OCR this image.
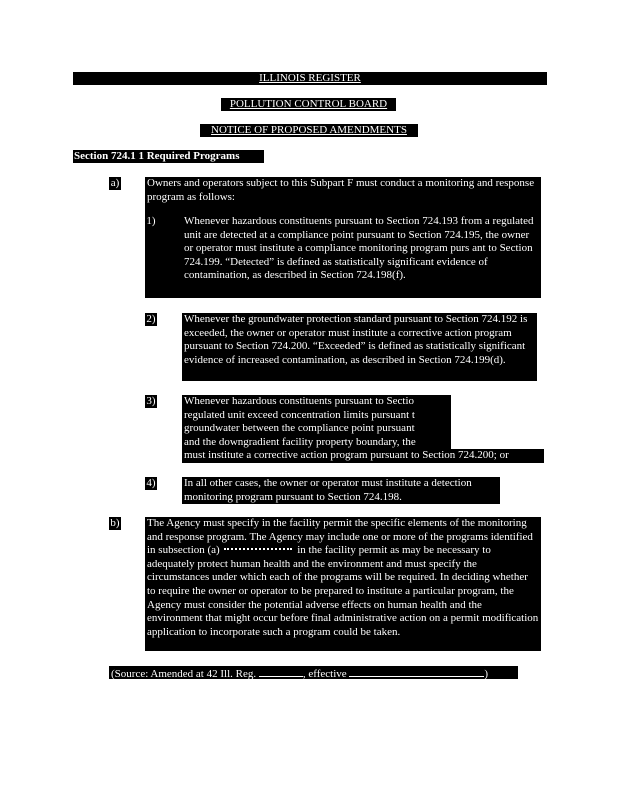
ILLINOIS REGISTER
POLLUTION CONTROL BOARD
NOTICE OF PROPOSED AMENDMENTS
Section 724.1 1 Required Programs
a)	Owners and operators subject to this Subpart F must conduct a monitoring and response program as follows:
1)	Whenever hazardous constituents pursuant to Section 724.193 from a regulated unit are detected at a compliance point pursuant to Section 724.195, the owner or operator must institute a compliance monitoring program purs ant to Section 724.199. “Detected” is defined as statistically significant evidence of contamination, as described in Section 724.198(f).
2)	Whenever the groundwater protection standard pursuant to Section 724.192 is exceeded, the owner or operator must institute a corrective action program pursuant to Section 724.200. “Exceeded” is defined as statistically significant evidence of increased contamination, as described in Section 724.199(d).
3)	Whenever hazardous constituents pursuant to Sectio
regulated unit exceed concentration limits pursuant t
groundwater between the compliance point pursuant
and the downgradient facility property boundary, the
must institute a corrective action program pursuant to Section 724.200; or
4)	In all other cases, the owner or operator must institute a detection monitoring program pursuant to Section 724.198.
b) The Agency must specify in the facility permit the specific elements of the monitoring and response program. The Agency may include one or more of the programs identified in subsection (a)	in the facility permit as may be necessary to adequately protect human health and the environment and must specify the circumstances under which each of the programs will be required. In deciding whether to require the owner or operator to be prepared to institute a particular program, the Agency must consider the potential adverse effects on human health and the environment that might occur before final administrative action on a permit modification application to incorporate such a program could be taken.
(Source: Amended at 42 Ill. Reg.	, effective	)
